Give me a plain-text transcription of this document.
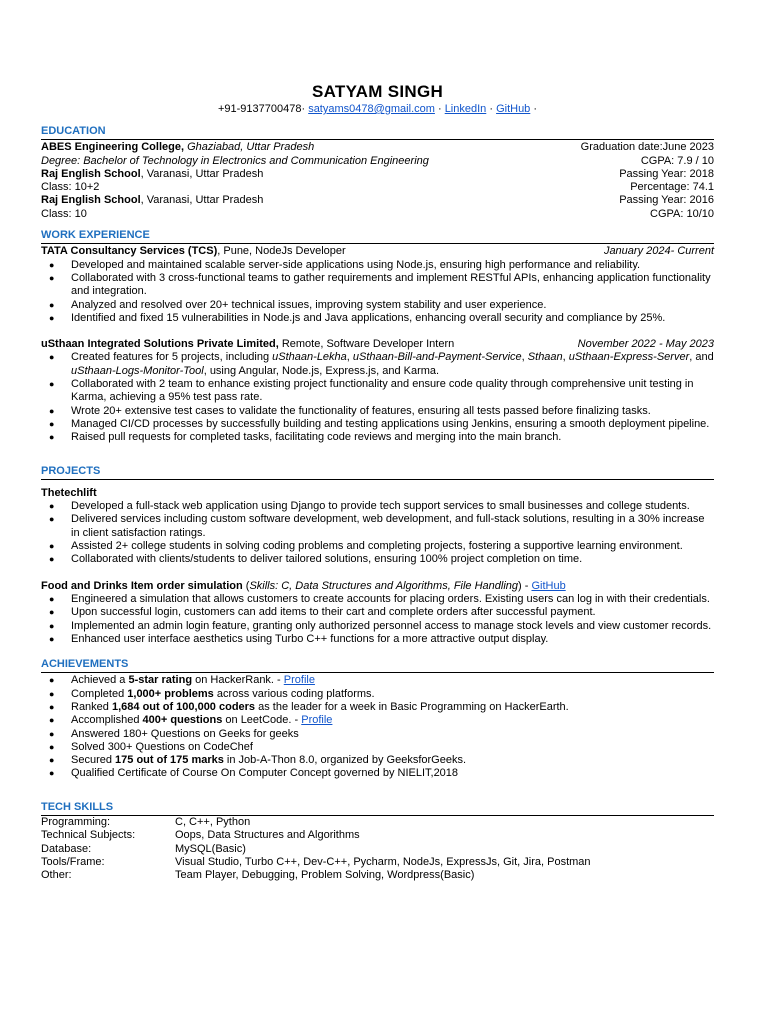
SATYAM SINGH
+91-9137700478· satyams0478@gmail.com · LinkedIn · GitHub ·
EDUCATION
ABES Engineering College, Ghaziabad, Uttar Pradesh	Graduation date:June 2023
Degree: Bachelor of Technology in Electronics and Communication Engineering	CGPA: 7.9 / 10
Raj English School, Varanasi, Uttar Pradesh	Passing Year: 2018
Class: 10+2	Percentage: 74.1
Raj English School, Varanasi, Uttar Pradesh	Passing Year: 2016
Class: 10	CGPA: 10/10
WORK EXPERIENCE
TATA Consultancy Services (TCS), Pune, NodeJs Developer	January 2024- Current
● Developed and maintained scalable server-side applications using Node.js, ensuring high performance and reliability.
● Collaborated with 3 cross-functional teams to gather requirements and implement RESTful APIs, enhancing application functionality and integration.
● Analyzed and resolved over 20+ technical issues, improving system stability and user experience.
● Identified and fixed 15 vulnerabilities in Node.js and Java applications, enhancing overall security and compliance by 25%.
uSthaan Integrated Solutions Private Limited, Remote, Software Developer Intern	November 2022 - May 2023
● Created features for 5 projects, including uSthaan-Lekha, uSthaan-Bill-and-Payment-Service, Sthaan, uSthaan-Express-Server, and uSthaan-Logs-Monitor-Tool, using Angular, Node.js, Express.js, and Karma.
● Collaborated with 2 team to enhance existing project functionality and ensure code quality through comprehensive unit testing in Karma, achieving a 95% test pass rate.
● Wrote 20+ extensive test cases to validate the functionality of features, ensuring all tests passed before finalizing tasks.
● Managed CI/CD processes by successfully building and testing applications using Jenkins, ensuring a smooth deployment pipeline.
● Raised pull requests for completed tasks, facilitating code reviews and merging into the main branch.
PROJECTS
Thetechlift
● Developed a full-stack web application using Django to provide tech support services to small businesses and college students.
● Delivered services including custom software development, web development, and full-stack solutions, resulting in a 30% increase in client satisfaction ratings.
● Assisted 2+ college students in solving coding problems and completing projects, fostering a supportive learning environment.
● Collaborated with clients/students to deliver tailored solutions, ensuring 100% project completion on time.
Food and Drinks Item order simulation (Skills: C, Data Structures and Algorithms, File Handling) - GitHub
● Engineered a simulation that allows customers to create accounts for placing orders. Existing users can log in with their credentials.
● Upon successful login, customers can add items to their cart and complete orders after successful payment.
● Implemented an admin login feature, granting only authorized personnel access to manage stock levels and view customer records.
● Enhanced user interface aesthetics using Turbo C++ functions for a more attractive output display.
ACHIEVEMENTS
● Achieved a 5-star rating on HackerRank. - Profile
● Completed 1,000+ problems across various coding platforms.
● Ranked 1,684 out of 100,000 coders as the leader for a week in Basic Programming on HackerEarth.
● Accomplished 400+ questions on LeetCode. - Profile
● Answered 180+ Questions on Geeks for geeks
● Solved 300+ Questions on CodeChef
● Secured 175 out of 175 marks in Job-A-Thon 8.0, organized by GeeksforGeeks.
● Qualified Certificate of Course On Computer Concept governed by NIELIT,2018
TECH SKILLS
Programming:	C, C++, Python
Technical Subjects:	Oops, Data Structures and Algorithms
Database:	MySQL(Basic)
Tools/Frame:	Visual Studio, Turbo C++, Dev-C++, Pycharm, NodeJs, ExpressJs, Git, Jira, Postman
Other:	Team Player, Debugging, Problem Solving, Wordpress(Basic)
